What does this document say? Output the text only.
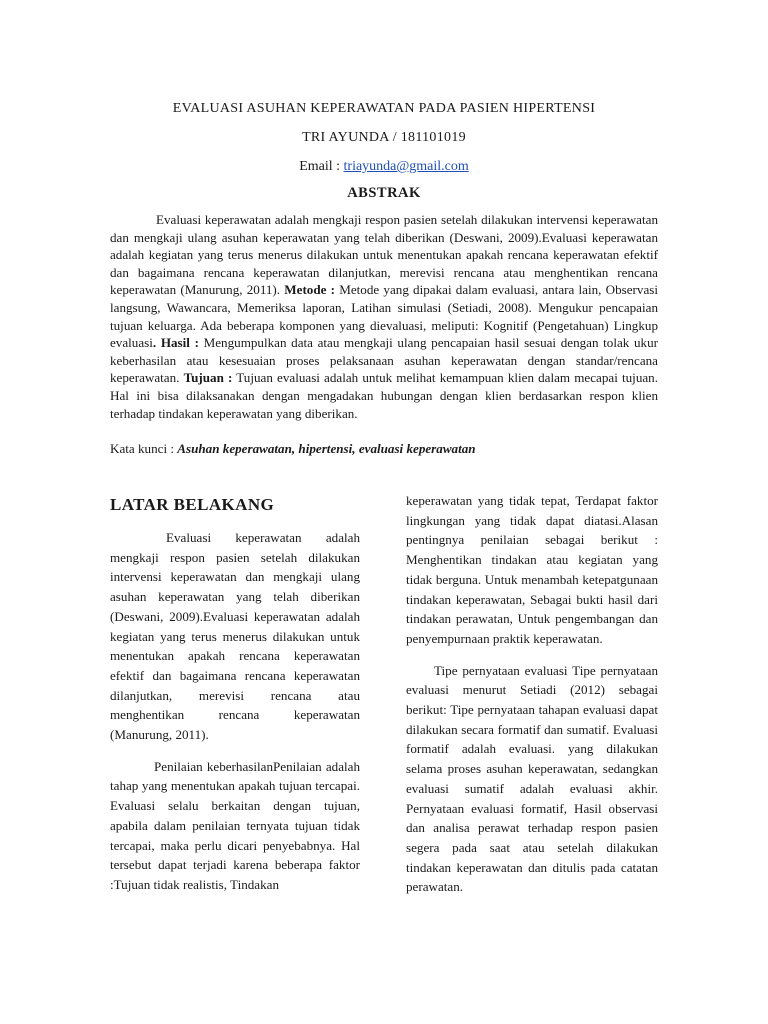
EVALUASI ASUHAN KEPERAWATAN PADA PASIEN HIPERTENSI
TRI AYUNDA / 181101019
Email : triayunda@gmail.com
ABSTRAK

Evaluasi keperawatan adalah mengkaji respon pasien setelah dilakukan intervensi keperawatan dan mengkaji ulang asuhan keperawatan yang telah diberikan (Deswani, 2009).Evaluasi keperawatan adalah kegiatan yang terus menerus dilakukan untuk menentukan apakah rencana keperawatan efektif dan bagaimana rencana keperawatan dilanjutkan, merevisi rencana atau menghentikan rencana keperawatan (Manurung, 2011). Metode : Metode yang dipakai dalam evaluasi, antara lain, Observasi langsung, Wawancara, Memeriksa laporan, Latihan simulasi (Setiadi, 2008). Mengukur pencapaian tujuan keluarga. Ada beberapa komponen yang dievaluasi, meliputi: Kognitif (Pengetahuan) Lingkup evaluasi. Hasil : Mengumpulkan data atau mengkaji ulang pencapaian hasil sesuai dengan tolak ukur keberhasilan atau kesesuaian proses pelaksanaan asuhan keperawatan dengan standar/rencana keperawatan. Tujuan : Tujuan evaluasi adalah untuk melihat kemampuan klien dalam mecapai tujuan. Hal ini bisa dilaksanakan dengan mengadakan hubungan dengan klien berdasarkan respon klien terhadap tindakan keperawatan yang diberikan.

Kata kunci : Asuhan keperawatan, hipertensi, evaluasi keperawatan
LATAR BELAKANG

Evaluasi keperawatan adalah mengkaji respon pasien setelah dilakukan intervensi keperawatan dan mengkaji ulang asuhan keperawatan yang telah diberikan (Deswani, 2009).Evaluasi keperawatan adalah kegiatan yang terus menerus dilakukan untuk menentukan apakah rencana keperawatan efektif dan bagaimana rencana keperawatan dilanjutkan, merevisi rencana atau menghentikan rencana keperawatan (Manurung, 2011).

Penilaian keberhasilanPenilaian adalah tahap yang menentukan apakah tujuan tercapai. Evaluasi selalu berkaitan dengan tujuan, apabila dalam penilaian ternyata tujuan tidak tercapai, maka perlu dicari penyebabnya. Hal tersebut dapat terjadi karena beberapa faktor :Tujuan tidak realistis, Tindakan

keperawatan yang tidak tepat, Terdapat faktor lingkungan yang tidak dapat diatasi.Alasan pentingnya penilaian sebagai berikut : Menghentikan tindakan atau kegiatan yang tidak berguna. Untuk menambah ketepatgunaan tindakan keperawatan, Sebagai bukti hasil dari tindakan perawatan, Untuk pengembangan dan penyempurnaan praktik keperawatan.

Tipe pernyataan evaluasi Tipe pernyataan evaluasi menurut Setiadi (2012) sebagai berikut: Tipe pernyataan tahapan evaluasi dapat dilakukan secara formatif dan sumatif. Evaluasi formatif adalah evaluasi. yang dilakukan selama proses asuhan keperawatan, sedangkan evaluasi sumatif adalah evaluasi akhir. Pernyataan evaluasi formatif, Hasil observasi dan analisa perawat terhadap respon pasien segera pada saat atau setelah dilakukan tindakan keperawatan dan ditulis pada catatan perawatan.
